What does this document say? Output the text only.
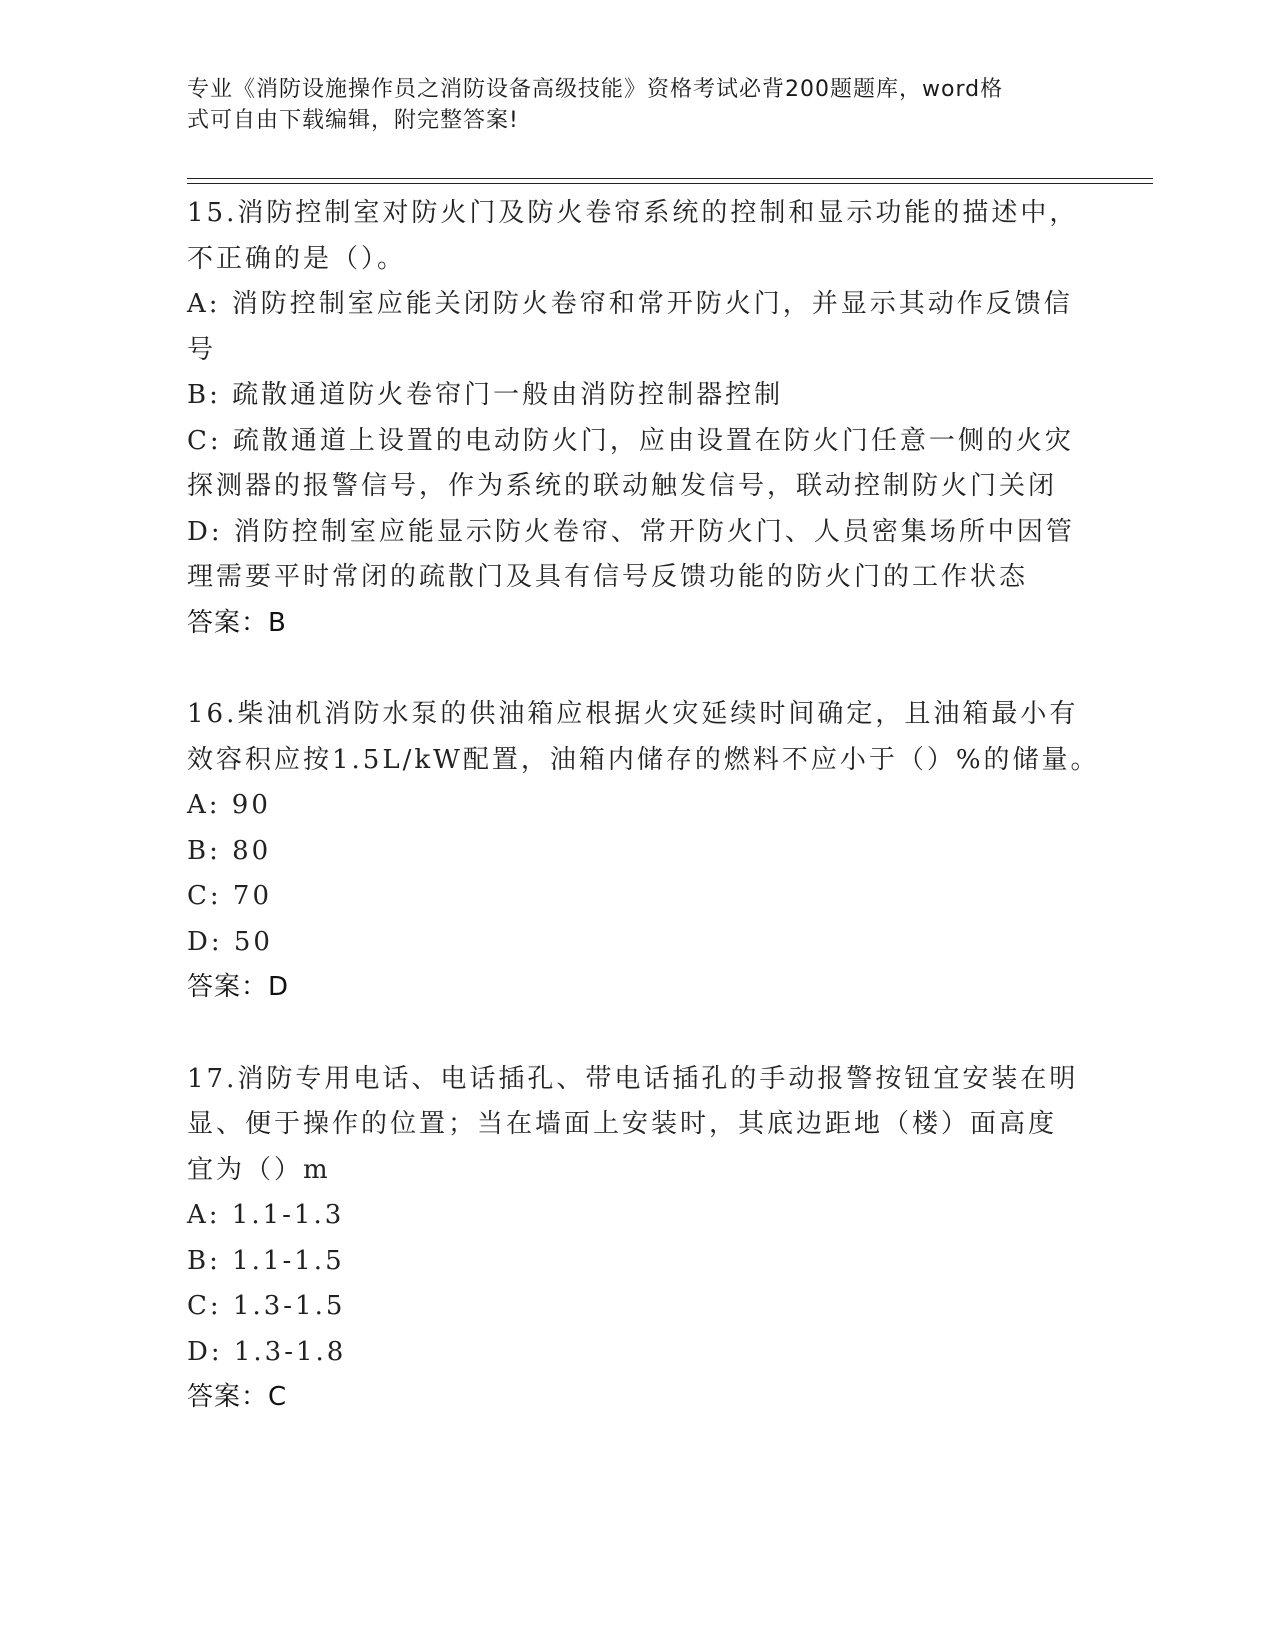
专业《消防设施操作员之消防设备高级技能》资格考试必背200题题库，word格
式可自由下载编辑，附完整答案!
15.消防控制室对防火门及防火卷帘系统的控制和显示功能的描述中，
不正确的是（）。
A: 消防控制室应能关闭防火卷帘和常开防火门，并显示其动作反馈信
号
B: 疏散通道防火卷帘门一般由消防控制器控制
C: 疏散通道上设置的电动防火门，应由设置在防火门任意一侧的火灾
探测器的报警信号，作为系统的联动触发信号，联动控制防火门关闭
D: 消防控制室应能显示防火卷帘、常开防火门、人员密集场所中因管
理需要平时常闭的疏散门及具有信号反馈功能的防火门的工作状态
答案：B
16.柴油机消防水泵的供油箱应根据火灾延续时间确定，且油箱最小有
效容积应按1.5L/kW配置，油箱内储存的燃料不应小于（）%的储量。
A: 90
B: 80
C: 70
D: 50
答案：D
17.消防专用电话、电话插孔、带电话插孔的手动报警按钮宜安装在明
显、便于操作的位置；当在墙面上安装时，其底边距地（楼）面高度
宜为（）m
A: 1.1-1.3
B: 1.1-1.5
C: 1.3-1.5
D: 1.3-1.8
答案：C
